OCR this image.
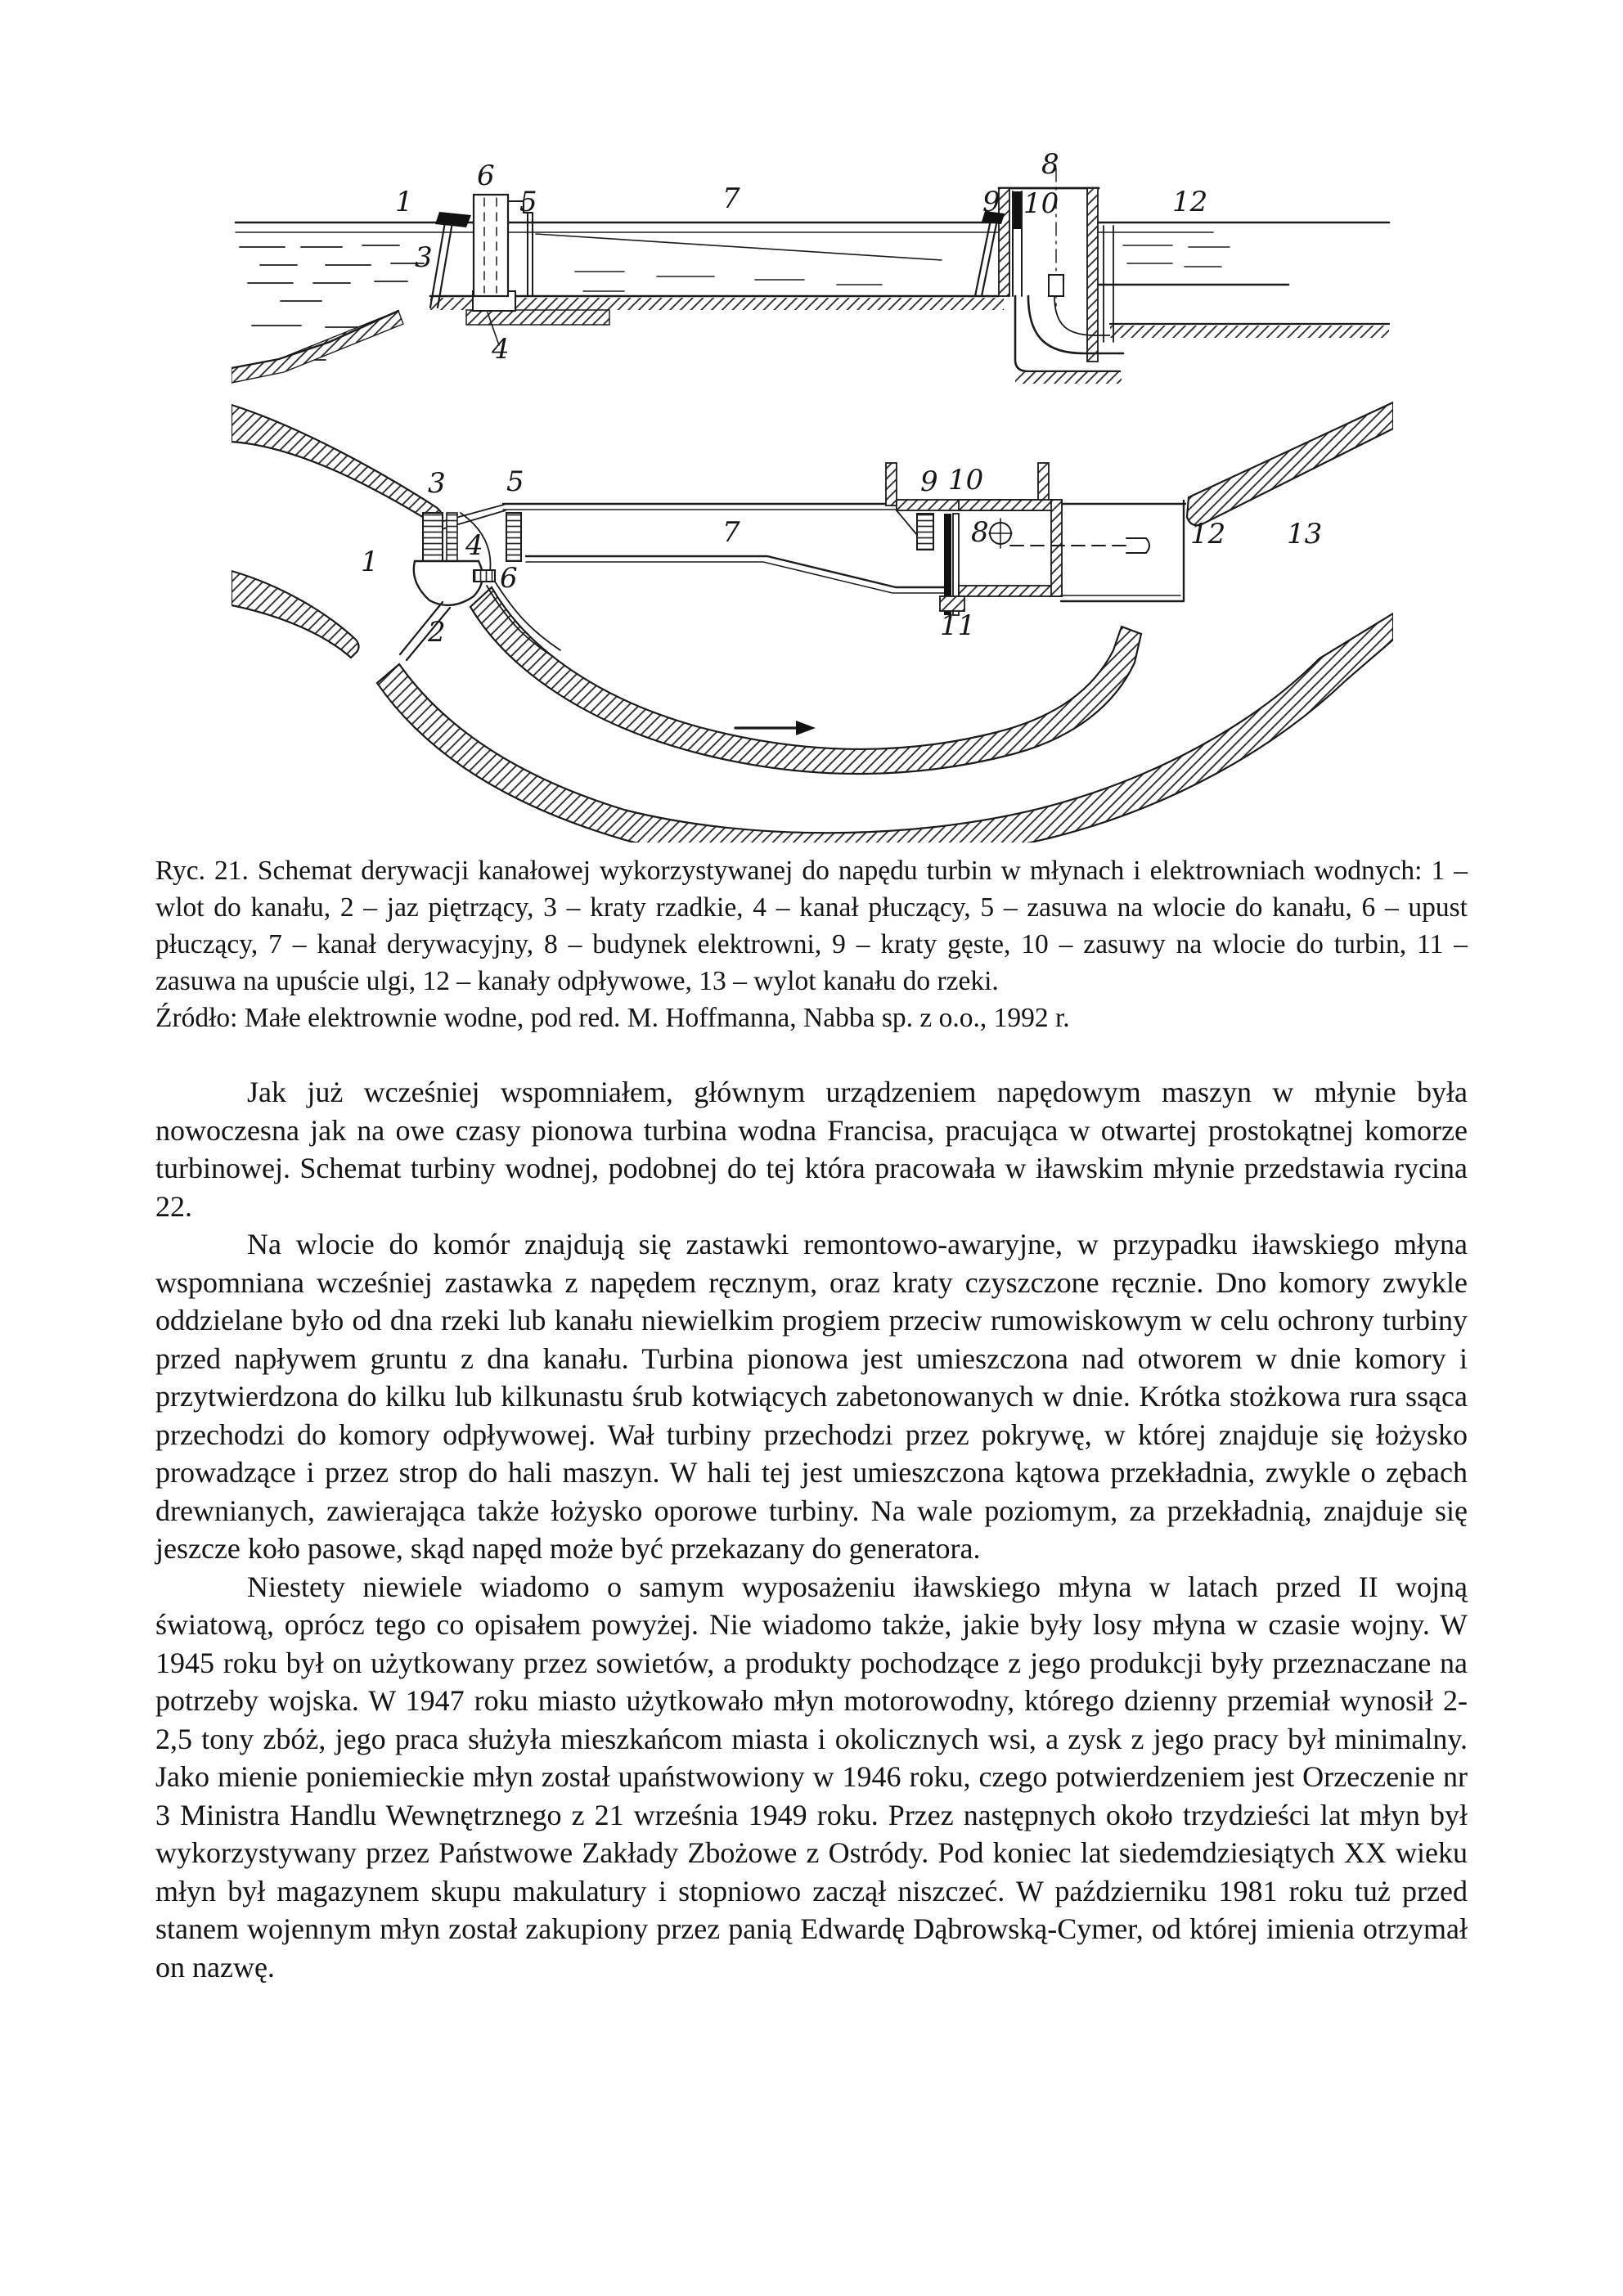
1
3
4
5
6
7
8
9 10	12
1
2
3
4
5
6
7	8
9 10
11
12 13

Ryc. 21. Schemat derywacji kanałowej wykorzystywanej do napędu turbin w młynach i elektrowniach wodnych: 1 – wlot do kanału, 2 – jaz piętrzący, 3 – kraty rzadkie, 4 – kanał płuczący, 5 – zasuwa na wlocie do kanału, 6 – upust płuczący, 7 – kanał derywacyjny, 8 – budynek elektrowni, 9 – kraty gęste, 10 – zasuwy na wlocie do turbin, 11 – zasuwa na upuście ulgi, 12 – kanały odpływowe, 13 – wylot kanału do rzeki.

Źródło: Małe elektrownie wodne, pod red. M. Hoffmanna, Nabba sp. z o.o., 1992 r.

Jak już wcześniej wspomniałem, głównym urządzeniem napędowym maszyn w młynie była nowoczesna jak na owe czasy pionowa turbina wodna Francisa, pracująca w otwartej prostokątnej komorze turbinowej. Schemat turbiny wodnej, podobnej do tej która pracowała w iławskim młynie przedstawia rycina 22.

Na wlocie do komór znajdują się zastawki remontowo-awaryjne, w przypadku iławskiego młyna wspomniana wcześniej zastawka z napędem ręcznym, oraz kraty czyszczone ręcznie. Dno komory zwykle oddzielane było od dna rzeki lub kanału niewielkim progiem przeciw rumowiskowym w celu ochrony turbiny przed napływem gruntu z dna kanału. Turbina pionowa jest umieszczona nad otworem w dnie komory i przytwierdzona do kilku lub kilkunastu śrub kotwiących zabetonowanych w dnie. Krótka stożkowa rura ssąca przechodzi do komory odpływowej. Wał turbiny przechodzi przez pokrywę, w której znajduje się łożysko prowadzące i przez strop do hali maszyn. W hali tej jest umieszczona kątowa przekładnia, zwykle o zębach drewnianych, zawierająca także łożysko oporowe turbiny. Na wale poziomym, za przekładnią, znajduje się jeszcze koło pasowe, skąd napęd może być przekazany do generatora.

Niestety niewiele wiadomo o samym wyposażeniu iławskiego młyna w latach przed II wojną światową, oprócz tego co opisałem powyżej. Nie wiadomo także, jakie były losy młyna w czasie wojny. W 1945 roku był on użytkowany przez sowietów, a produkty pochodzące z jego produkcji były przeznaczane na potrzeby wojska. W 1947 roku miasto użytkowało młyn motorowodny, którego dzienny przemiał wynosił 2-2,5 tony zbóż, jego praca służyła mieszkańcom miasta i okolicznych wsi, a zysk z jego pracy był minimalny. Jako mienie poniemieckie młyn został upaństwowiony w 1946 roku, czego potwierdzeniem jest Orzeczenie nr 3 Ministra Handlu Wewnętrznego z 21 września 1949 roku. Przez następnych około trzydzieści lat młyn był wykorzystywany przez Państwowe Zakłady Zbożowe z Ostródy. Pod koniec lat siedemdziesiątych XX wieku młyn był magazynem skupu makulatury i stopniowo zaczął niszczeć. W październiku 1981 roku tuż przed stanem wojennym młyn został zakupiony przez panią Edwardę Dąbrowską-Cymer, od której imienia otrzymał on nazwę.
